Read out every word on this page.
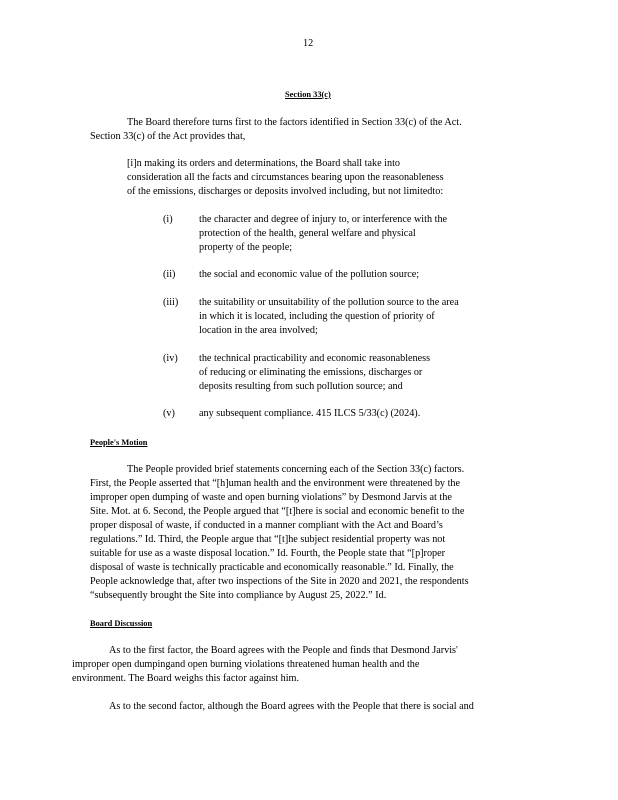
12
Section 33(c)
The Board therefore turns first to the factors identified in Section 33(c) of the Act.
Section 33(c) of the Act provides that,
[i]n making its orders and determinations, the Board shall take into
consideration all the facts and circumstances bearing upon the reasonableness
of the emissions, discharges or deposits involved including, but not limitedto:
(i)	the character and degree of injury to, or interference with the
protection of the health, general welfare and physical
property of the people;
(ii) the social and economic value of the pollution source;
(iii) the suitability or unsuitability of the pollution source to the area
in which it is located, including the question of priority of
location in the area involved;
(iv) the technical practicability and economic reasonableness
of reducing or eliminating the emissions, discharges or
deposits resulting from such pollution source; and
(v) any subsequent compliance. 415 ILCS 5/33(c) (2024).
People's Motion
The People provided brief statements concerning each of the Section 33(c) factors.
First, the People asserted that “[h]uman health and the environment were threatened by the
improper open dumping of waste and open burning violations” by Desmond Jarvis at the
Site. Mot. at 6. Second, the People argued that “[t]here is social and economic benefit to the
proper disposal of waste, if conducted in a manner compliant with the Act and Board’s
regulations.” Id. Third, the People argue that “[t]he subject residential property was not
suitable for use as a waste disposal location.” Id. Fourth, the People state that “[p]roper
disposal of waste is technically practicable and economically reasonable.” Id. Finally, the
People acknowledge that, after two inspections of the Site in 2020 and 2021, the respondents
“subsequently brought the Site into compliance by August 25, 2022.” Id.
Board Discussion
As to the first factor, the Board agrees with the People and finds that Desmond Jarvis'
improper open dumpingand open burning violations threatened human health and the
environment. The Board weighs this factor against him.
As to the second factor, although the Board agrees with the People that there is social and
